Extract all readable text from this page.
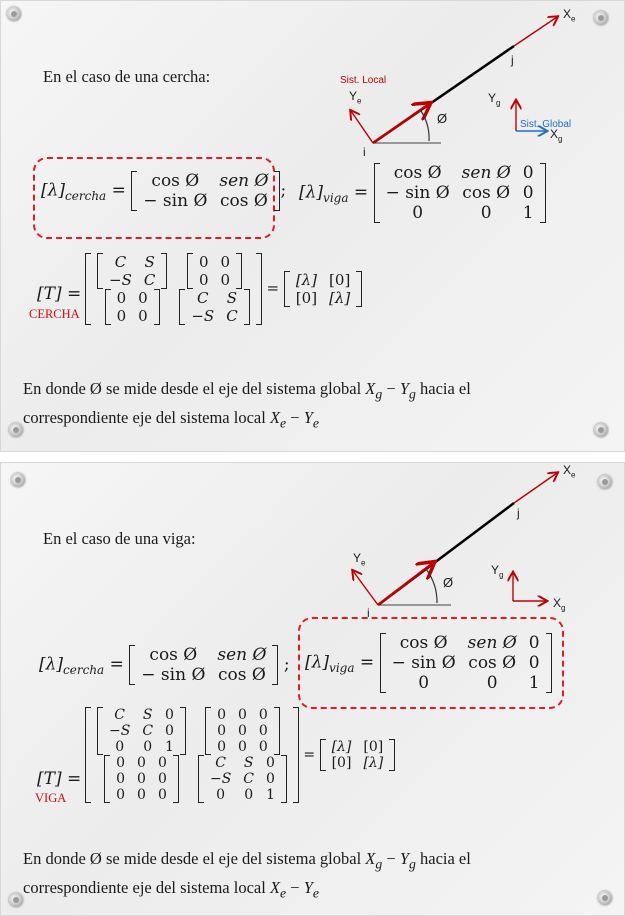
En el caso de una cercha:	Sist. Local
Sist. Global
$Y_e$
$X_e$
$Y_g$
$X_g$
Ø
i
j
$[\lambda]_{cercha} = \cos$ Ø	sen Ø
− sin Ø	cos Ø
; $[\lambda]_{viga}$ =
cos Ø	sen Ø	0
− sin Ø	cos Ø	0
0	0	1
[T] =
CERCHA
C	S
−S	C

0	0
0	0

0	0
0	0

C	S
−S	C
= [λ]	[0]
[0]	[λ]
En donde Ø se mide desde el eje del sistema global $X_g - Y_g$ hacia el
correspondiente eje del sistema local $X_e - Y_e$
En el caso de una viga:
$Y_e$
$X_e$
$Y_g$
$X_g$
Ø
i
j
$[\lambda]_{cercha} = \cos$ Ø	sen Ø
− sin Ø	cos Ø
; $[\lambda]_{viga}$ =
cos Ø	sen Ø	0
− sin Ø	cos Ø	0
0	0	1
[T] =
VIGA
C	S	0
−S	C	0
0	0	1

0	0	0
0	0	0
0	0	0

0	0	0
0	0	0
0	0	0

C	S	0
−S	C	0
0	0	1
= [λ]	[0]
[0]	[λ]
En donde Ø se mide desde el eje del sistema global $X_g - Y_g$ hacia el
correspondiente eje del sistema local $X_e - Y_e$
